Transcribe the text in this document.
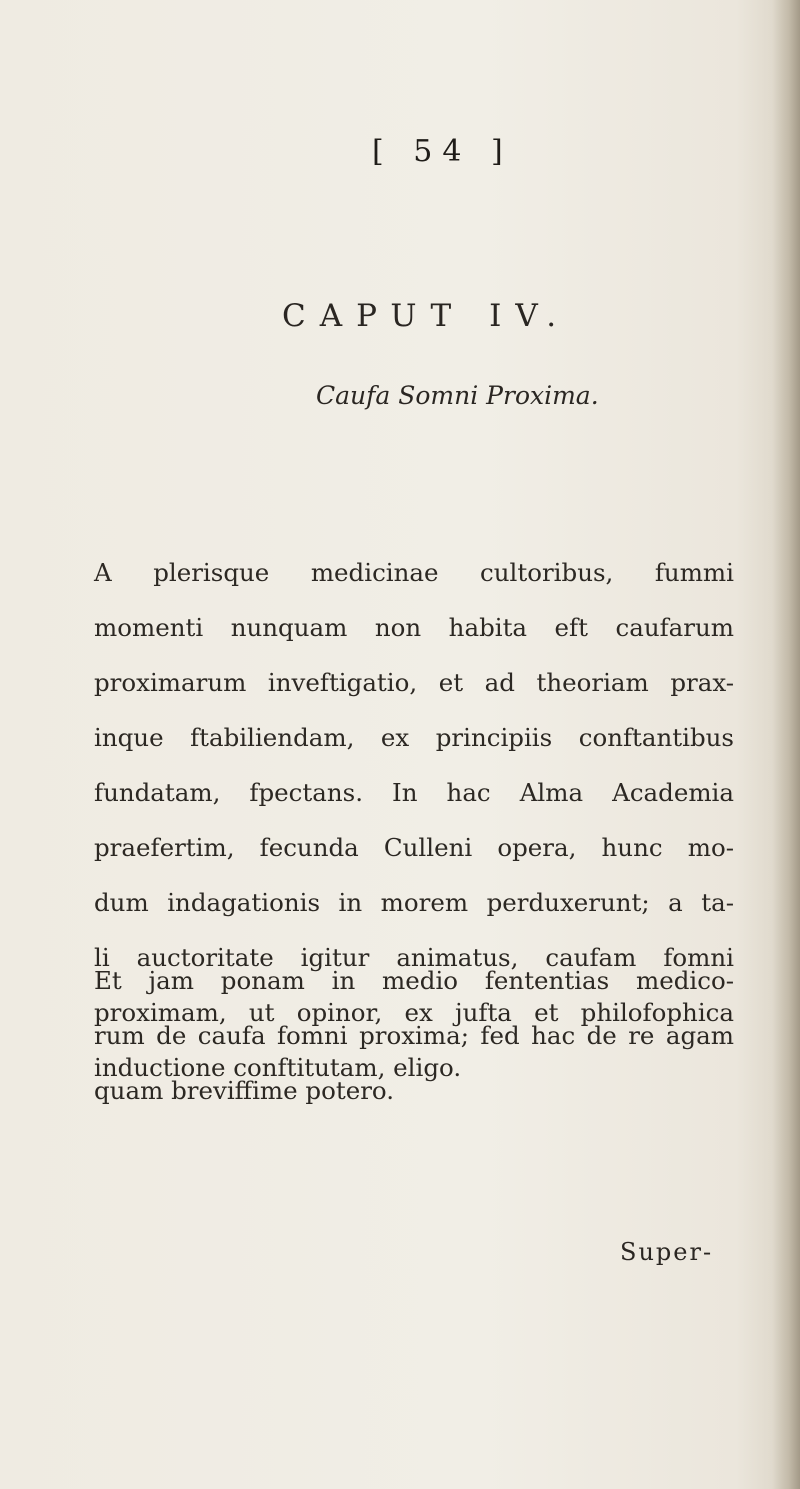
[ 54 ]
CAPUT IV.
Caufa Somni Proxima.
A plerisque medicinae cultoribus, fummi
momenti nunquam non habita eft caufarum
proximarum inveftigatio, et ad theoriam prax-
inque ftabiliendam, ex principiis conftantibus
fundatam, fpectans. In hac Alma Academia
praefertim, fecunda Culleni opera, hunc mo-
dum indagationis in morem perduxerunt; a ta-
li auctoritate igitur animatus, caufam fomni
proximam, ut opinor, ex jufta et philofophica
inductione conftitutam, eligo.
Et jam ponam in medio fententias medico-
rum de caufa fomni proxima; fed hac de re agam
quam breviffime potero.
Super-
